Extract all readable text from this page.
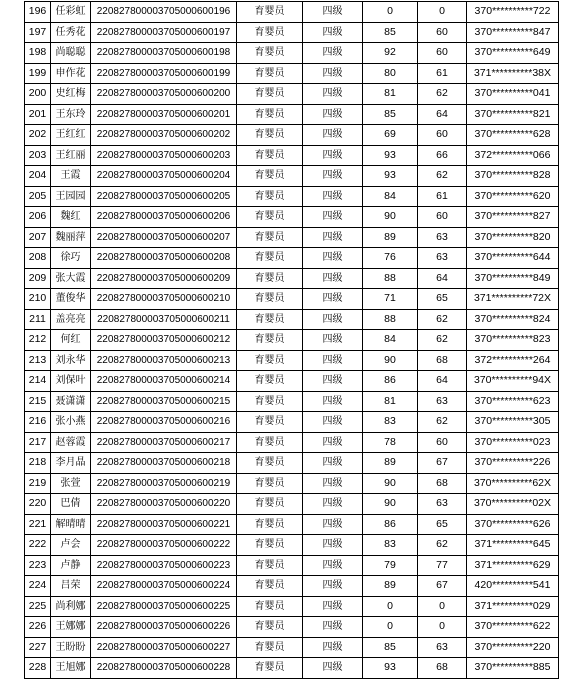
196	任彩虹	220827800003705000600196	育婴员	四级	0	0	370**********722
197	任秀花	220827800003705000600197	育婴员	四级	85	60	370**********847
198	尚聪聪	220827800003705000600198	育婴员	四级	92	60	370**********649
199	申作花	220827800003705000600199	育婴员	四级	80	61	371**********38X
200	史红梅	220827800003705000600200	育婴员	四级	81	62	370**********041
201	王东玲	220827800003705000600201	育婴员	四级	85	64	370**********821
202	王红红	220827800003705000600202	育婴员	四级	69	60	370**********628
203	王红丽	220827800003705000600203	育婴员	四级	93	66	372**********066
204	王霞	220827800003705000600204	育婴员	四级	93	62	370**********828
205	王园园	220827800003705000600205	育婴员	四级	84	61	370**********620
206	魏红	220827800003705000600206	育婴员	四级	90	60	370**********827
207	魏丽萍	220827800003705000600207	育婴员	四级	89	63	370**********820
208	徐巧	220827800003705000600208	育婴员	四级	76	63	370**********644
209	张大霞	220827800003705000600209	育婴员	四级	88	64	370**********849
210	董俊华	220827800003705000600210	育婴员	四级	71	65	371**********72X
211	盖亮亮	220827800003705000600211	育婴员	四级	88	62	370**********824
212	何红	220827800003705000600212	育婴员	四级	84	62	370**********823
213	刘永华	220827800003705000600213	育婴员	四级	90	68	372**********264
214	刘保叶	220827800003705000600214	育婴员	四级	86	64	370**********94X
215	聂潇潇	220827800003705000600215	育婴员	四级	81	63	370**********623
216	张小燕	220827800003705000600216	育婴员	四级	83	62	370**********305
217	赵蓉霞	220827800003705000600217	育婴员	四级	78	60	370**********023
218	李月晶	220827800003705000600218	育婴员	四级	89	67	370**********226
219	张萱	220827800003705000600219	育婴员	四级	90	68	370**********62X
220	巴倩	220827800003705000600220	育婴员	四级	90	63	370**********02X
221	解晴晴	220827800003705000600221	育婴员	四级	86	65	370**********626
222	卢会	220827800003705000600222	育婴员	四级	83	62	371**********645
223	卢静	220827800003705000600223	育婴员	四级	79	77	371**********629
224	吕荣	220827800003705000600224	育婴员	四级	89	67	420**********541
225	尚利娜	220827800003705000600225	育婴员	四级	0	0	371**********029
226	王娜娜	220827800003705000600226	育婴员	四级	0	0	370**********622
227	王盼盼	220827800003705000600227	育婴员	四级	85	63	370**********220
228	王旭娜	220827800003705000600228	育婴员	四级	93	68	370**********885
